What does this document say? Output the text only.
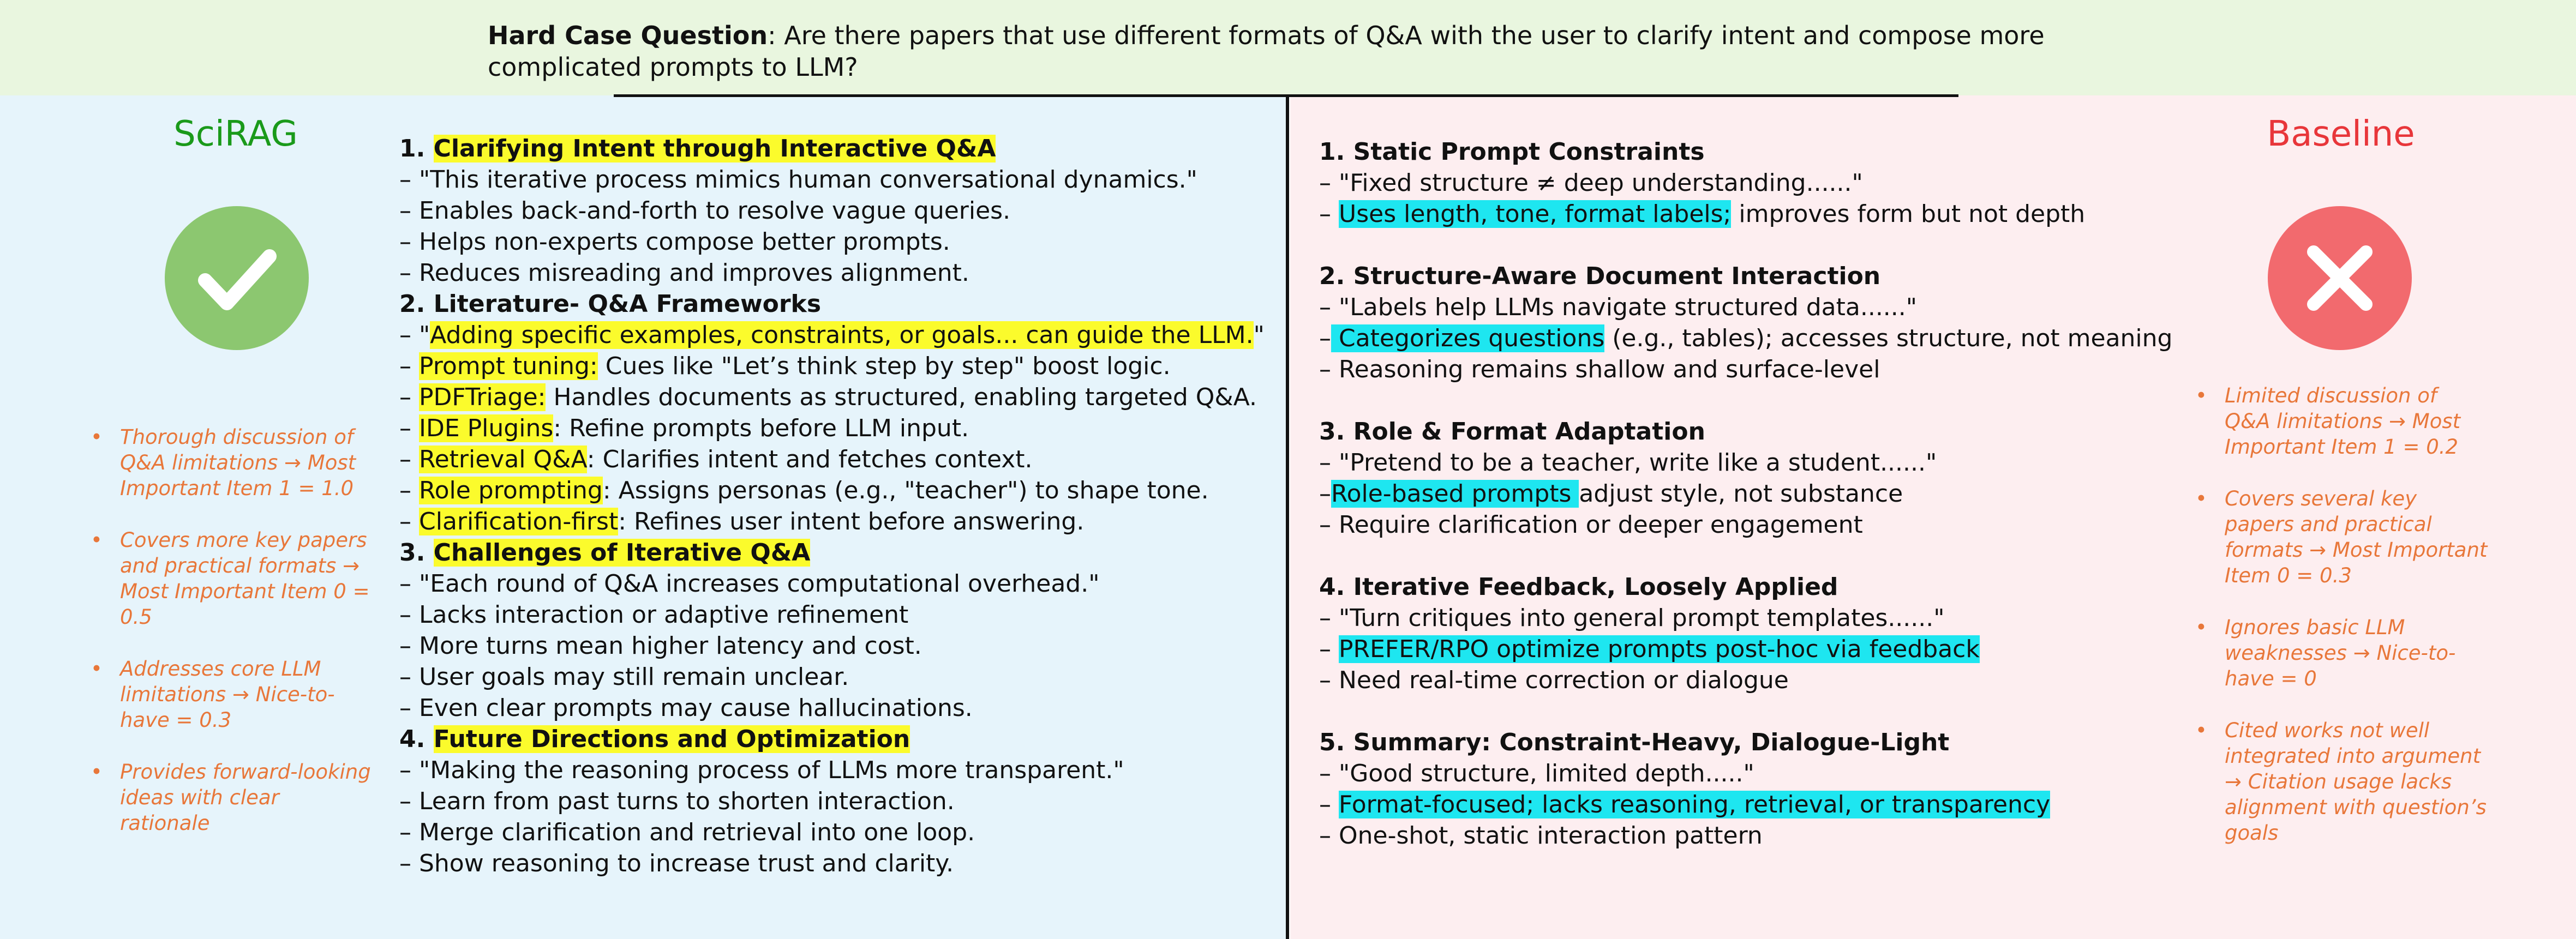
Hard Case Question: Are there papers that use different formats of Q&A with the user to clarify intent and compose more complicated prompts to LLM?
SciRAG
• Thorough discussion of Q&A limitations → Most Important Item 1 = 1.0
• Covers more key papers and practical formats → Most Important Item 0 = 0.5
• Addresses core LLM limitations → Nice-to-have = 0.3
• Provides forward-looking ideas with clear rationale
1. Clarifying Intent through Interactive Q&A
– "This iterative process mimics human conversational dynamics."
– Enables back-and-forth to resolve vague queries.
– Helps non-experts compose better prompts.
– Reduces misreading and improves alignment.
2. Literature- Q&A Frameworks
– "Adding specific examples, constraints, or goals... can guide the LLM."
– Prompt tuning: Cues like "Let’s think step by step" boost logic.
– PDFTriage: Handles documents as structured, enabling targeted Q&A.
– IDE Plugins: Refine prompts before LLM input.
– Retrieval Q&A: Clarifies intent and fetches context.
– Role prompting: Assigns personas (e.g., "teacher") to shape tone.
– Clarification-first: Refines user intent before answering.
3. Challenges of Iterative Q&A
– "Each round of Q&A increases computational overhead."
– Lacks interaction or adaptive refinement
– More turns mean higher latency and cost.
– User goals may still remain unclear.
– Even clear prompts may cause hallucinations.
4. Future Directions and Optimization
– "Making the reasoning process of LLMs more transparent."
– Learn from past turns to shorten interaction.
– Merge clarification and retrieval into one loop.
– Show reasoning to increase trust and clarity.
1. Static Prompt Constraints
– "Fixed structure ≠ deep understanding......"
– Uses length, tone, format labels; improves form but not depth
2. Structure-Aware Document Interaction
– "Labels help LLMs navigate structured data......"
– Categorizes questions (e.g., tables); accesses structure, not meaning
– Reasoning remains shallow and surface-level
3. Role & Format Adaptation
– "Pretend to be a teacher, write like a student......"
–Role-based prompts adjust style, not substance
– Require clarification or deeper engagement
4. Iterative Feedback, Loosely Applied
– "Turn critiques into general prompt templates......"
– PREFER/RPO optimize prompts post-hoc via feedback
– Need real-time correction or dialogue
5. Summary: Constraint-Heavy, Dialogue-Light
– "Good structure, limited depth....."
– Format-focused; lacks reasoning, retrieval, or transparency
– One-shot, static interaction pattern
Baseline
• Limited discussion of Q&A limitations → Most Important Item 1 = 0.2
• Covers several key papers and practical formats → Most Important Item 0 = 0.3
• Ignores basic LLM weaknesses → Nice-to-have = 0
• Cited works not well integrated into argument → Citation usage lacks alignment with question’s goals
